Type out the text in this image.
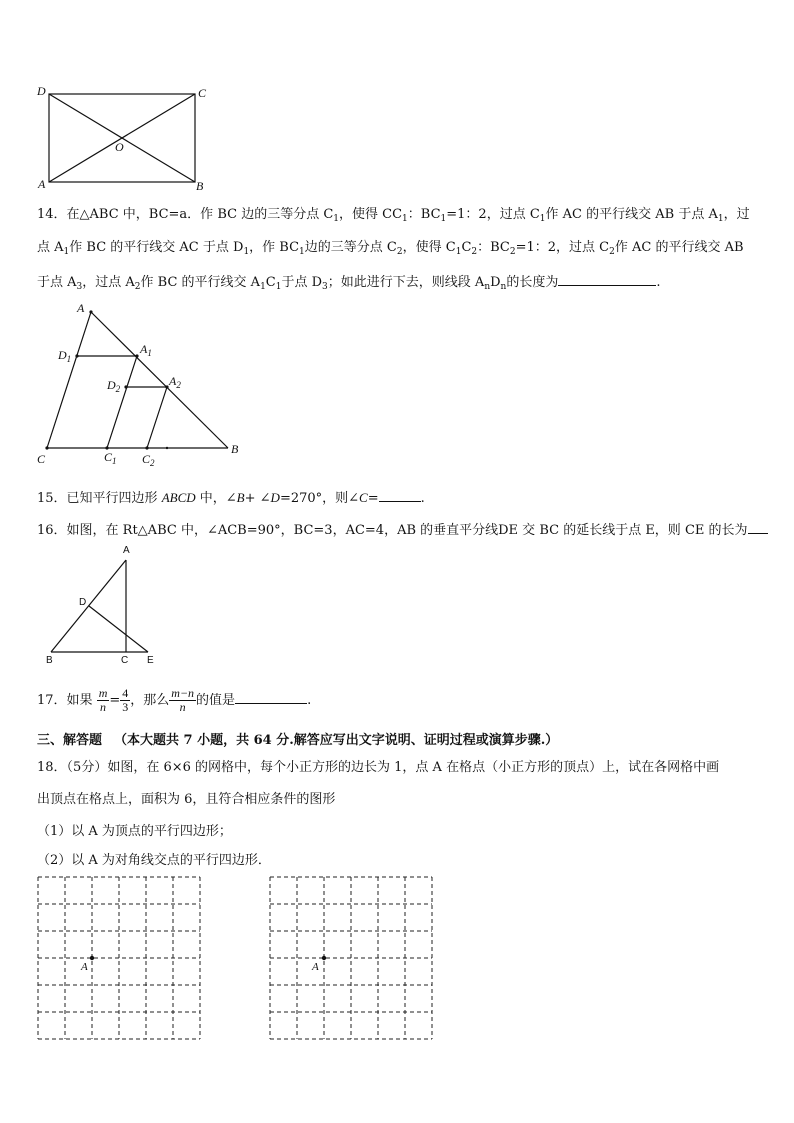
D	C
O
A	B
14．在△ABC 中，BC=a．作 BC 边的三等分点 $C_1$，使得 $CC_1$：$BC_1=1$：2，过点 $C_1$作 AC 的平行线交 AB 于点 $A_1$，过
点 $A_1$作 BC 的平行线交 AC 于点 $D_1$，作 $BC_1$边的三等分点 $C_2$，使得 $C_1C_2$：$BC_2=1$：2，过点 $C_2$作 AC 的平行线交 AB
于点 $A_3$，过点 $A_2$作 BC 的平行线交 $A_1C_1$于点 $D_3$；如此进行下去，则线段 $A_nD_n$的长度为	.
A
$D_1$
$A_1$
$D_2$
$A_2$
C	$C_1$ $C_2$
B
15．已知平行四边形 ABCD 中，∠B+ ∠D=270°，则∠C=	.
16．如图，在 Rt△ABC 中，∠ACB=90°，BC=3，AC=4，AB 的垂直平分线DE 交 BC 的延长线于点 E，则 CE 的长为
A
D
B	C E
17．如果 $\frac{m}{n} = \frac{4}{3}$ ，那么 $\frac{m-n}{n}$ 的值是	.
三、解答题 （本大题共 7 小题，共 64 分.解答应写出文字说明、证明过程或演算步骤.）
18．（5分）如图，在 6×6 的网格中，每个小正方形的边长为 1，点 A 在格点（小正方形的顶点）上，试在各网格中画
出顶点在格点上，面积为 6，且符合相应条件的图形
（1）以 A 为顶点的平行四边形；
（2）以 A 为对角线交点的平行四边形．
A	A
